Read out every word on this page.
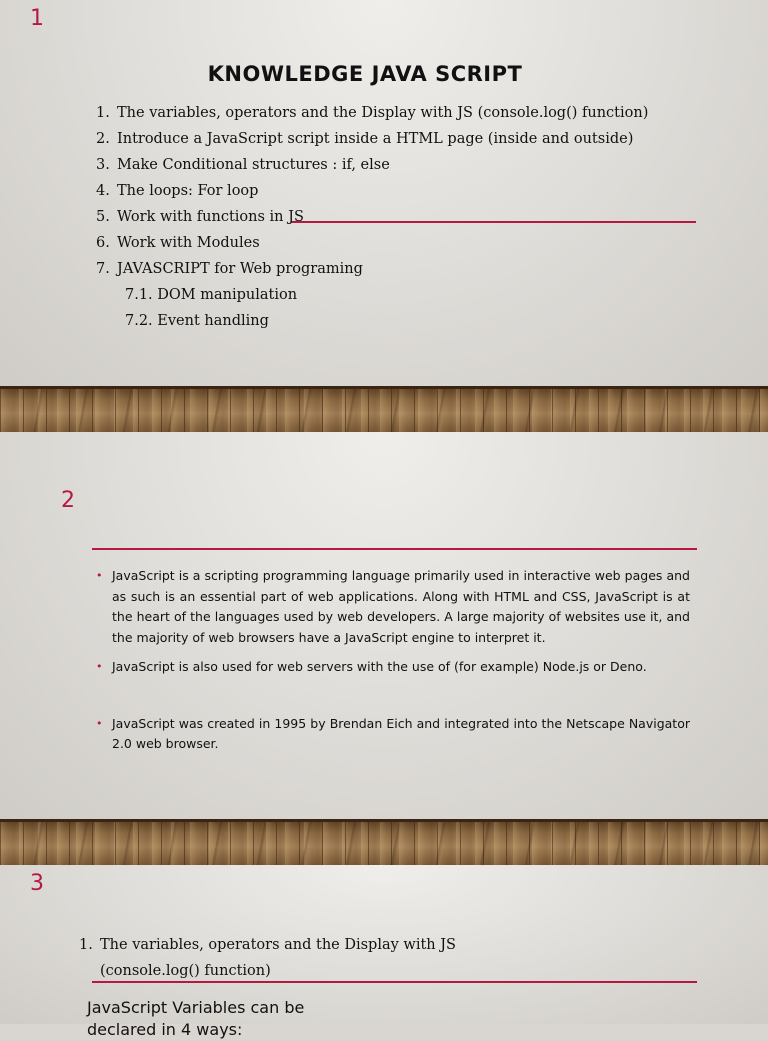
1
KNOWLEDGE JAVA SCRIPT
1. The variables, operators and the Display with JS (console.log() function)
2. Introduce a JavaScript script inside a HTML page (inside and outside)
3. Make Conditional structures : if, else
4. The loops: For loop
5. Work with functions in JS
6. Work with Modules
7. JAVASCRIPT for Web programing
7.1. DOM manipulation
7.2. Event handling
2
• JavaScript is a scripting programming language primarily used in interactive web pages and as such is an essential part of web applications. Along with HTML and CSS, JavaScript is at the heart of the languages used by web developers. A large majority of websites use it, and the majority of web browsers have a JavaScript engine to interpret it.
• JavaScript is also used for web servers with the use of (for example) Node.js or Deno.
• JavaScript was created in 1995 by Brendan Eich and integrated into the Netscape Navigator 2.0 web browser.
3
1. The variables, operators and the Display with JS
(console.log() function)
JavaScript Variables can be
declared in 4 ways:
